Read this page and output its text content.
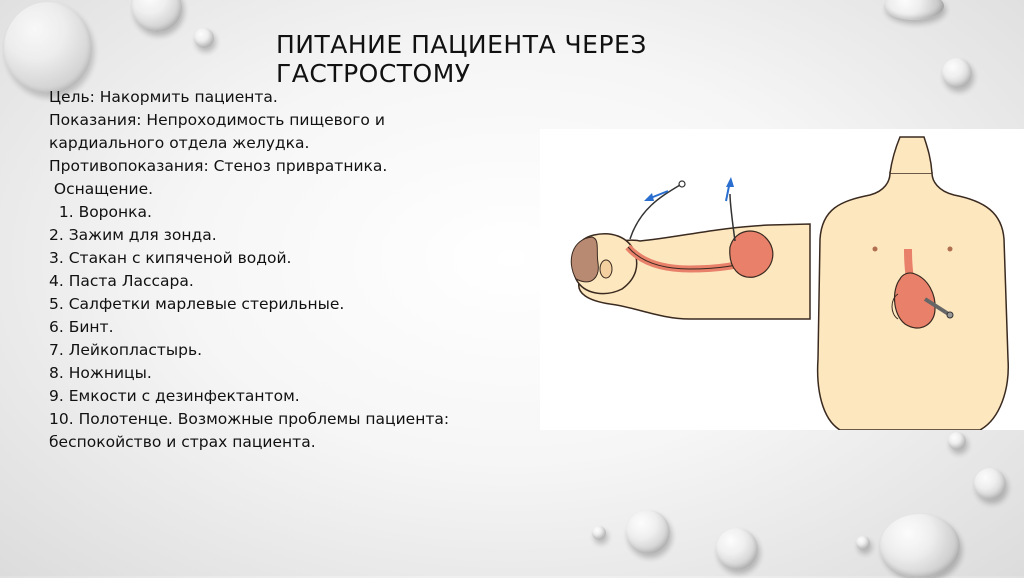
ПИТАНИЕ ПАЦИЕНТА ЧЕРЕЗ ГАСТРОСТОМУ
Цель: Накормить пациента.
Показания: Непроходимость пищевого и
кардиального отдела желудка.
Противопоказания: Стеноз привратника.
Оснащение.
1. Воронка.
2. Зажим для зонда.
3. Стакан с кипяченой водой.
4. Паста Лассара.
5. Салфетки марлевые стерильные.
6. Бинт.
7. Лейкопластырь.
8. Ножницы.
9. Емкости с дезинфектантом.
10. Полотенце. Возможные проблемы пациента:
беспокойство и страх пациента.
